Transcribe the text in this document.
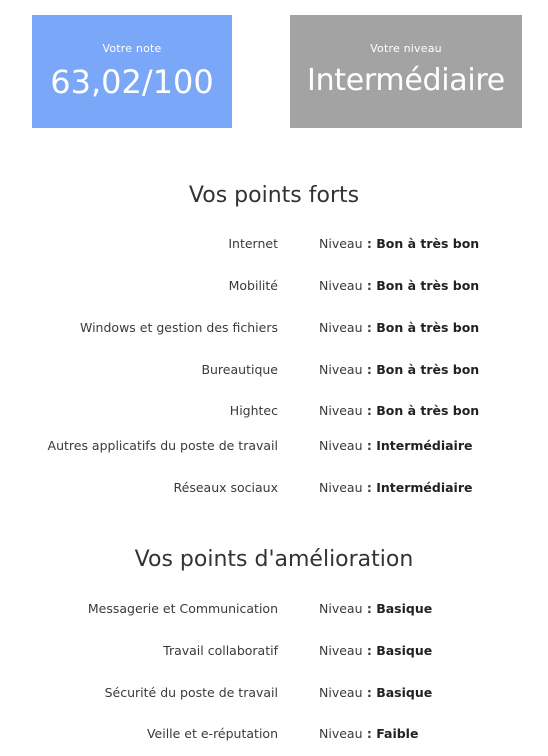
Votre note
63,02/100
Votre niveau
Intermédiaire
Vos points forts
Internet	Niveau : Bon à très bon
Mobilité	Niveau : Bon à très bon
Windows et gestion des fichiers	Niveau : Bon à très bon
Bureautique	Niveau : Bon à très bon
Hightec	Niveau : Bon à très bon
Autres applicatifs du poste de travail	Niveau : Intermédiaire
Réseaux sociaux	Niveau : Intermédiaire
Vos points d'amélioration
Messagerie et Communication	Niveau : Basique
Travail collaboratif	Niveau : Basique
Sécurité du poste de travail	Niveau : Basique
Veille et e-réputation	Niveau : Faible
